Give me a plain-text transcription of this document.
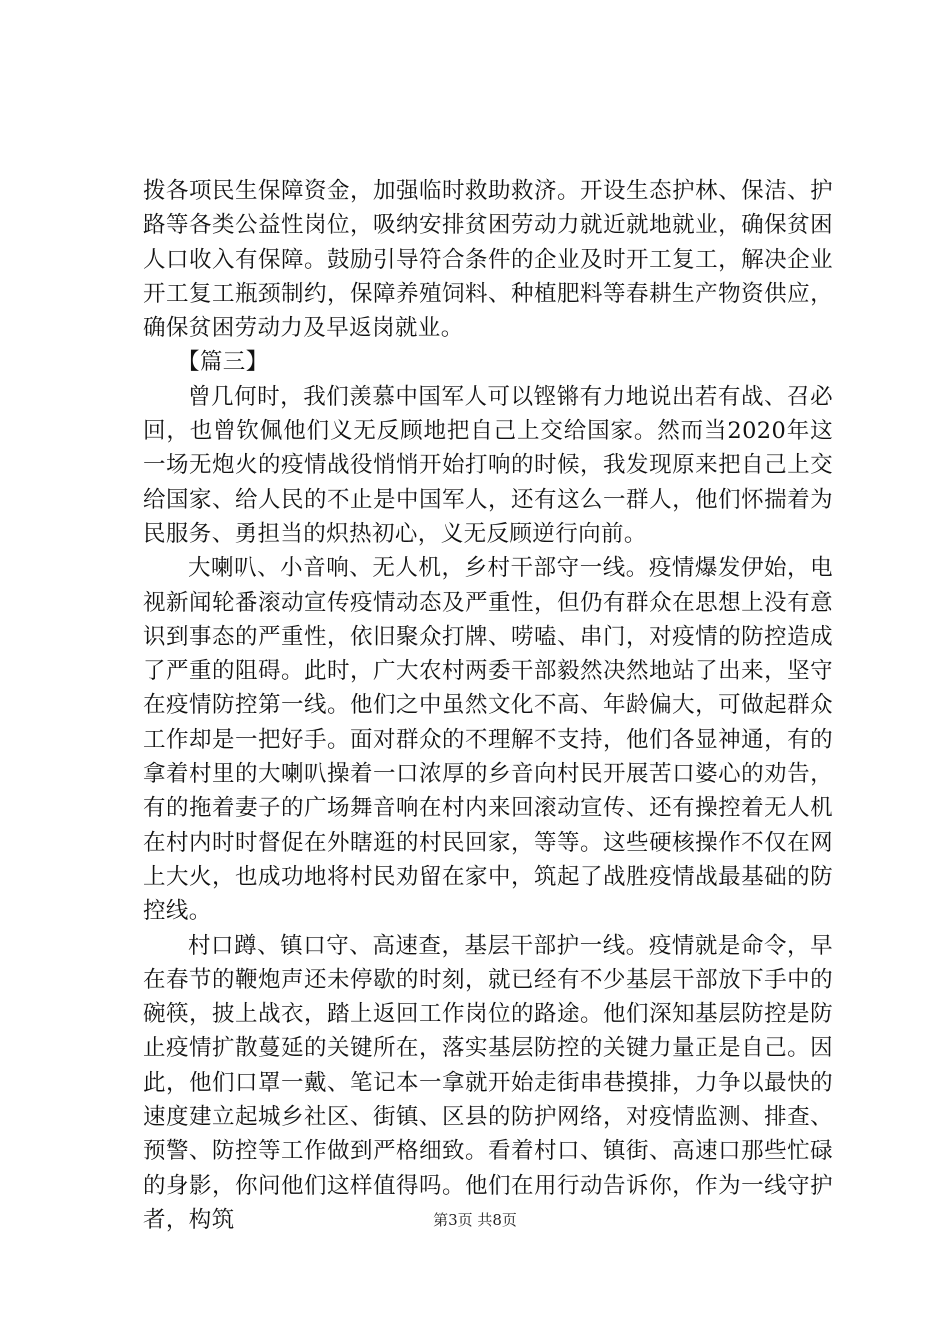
拨各项民生保障资金，加强临时救助救济。开设生态护林、保洁、护路等各类公益性岗位，吸纳安排贫困劳动力就近就地就业，确保贫困人口收入有保障。鼓励引导符合条件的企业及时开工复工，解决企业开工复工瓶颈制约，保障养殖饲料、种植肥料等春耕生产物资供应，确保贫困劳动力及早返岗就业。

【篇三】

曾几何时，我们羡慕中国军人可以铿锵有力地说出若有战、召必回，也曾钦佩他们义无反顾地把自己上交给国家。然而当2020年这一场无炮火的疫情战役悄悄开始打响的时候，我发现原来把自己上交给国家、给人民的不止是中国军人，还有这么一群人，他们怀揣着为民服务、勇担当的炽热初心，义无反顾逆行向前。

大喇叭、小音响、无人机，乡村干部守一线。疫情爆发伊始，电视新闻轮番滚动宣传疫情动态及严重性，但仍有群众在思想上没有意识到事态的严重性，依旧聚众打牌、唠嗑、串门，对疫情的防控造成了严重的阻碍。此时，广大农村两委干部毅然决然地站了出来，坚守在疫情防控第一线。他们之中虽然文化不高、年龄偏大，可做起群众工作却是一把好手。面对群众的不理解不支持，他们各显神通，有的拿着村里的大喇叭操着一口浓厚的乡音向村民开展苦口婆心的劝告，有的拖着妻子的广场舞音响在村内来回滚动宣传、还有操控着无人机在村内时时督促在外瞎逛的村民回家，等等。这些硬核操作不仅在网上大火，也成功地将村民劝留在家中，筑起了战胜疫情战最基础的防控线。

村口蹲、镇口守、高速查，基层干部护一线。疫情就是命令，早在春节的鞭炮声还未停歇的时刻，就已经有不少基层干部放下手中的碗筷，披上战衣，踏上返回工作岗位的路途。他们深知基层防控是防止疫情扩散蔓延的关键所在，落实基层防控的关键力量正是自己。因此，他们口罩一戴、笔记本一拿就开始走街串巷摸排，力争以最快的速度建立起城乡社区、街镇、区县的防护网络，对疫情监测、排查、预警、防控等工作做到严格细致。看着村口、镇街、高速口那些忙碌的身影，你问他们这样值得吗。他们在用行动告诉你，作为一线守护者，构筑	第3页 共8页
